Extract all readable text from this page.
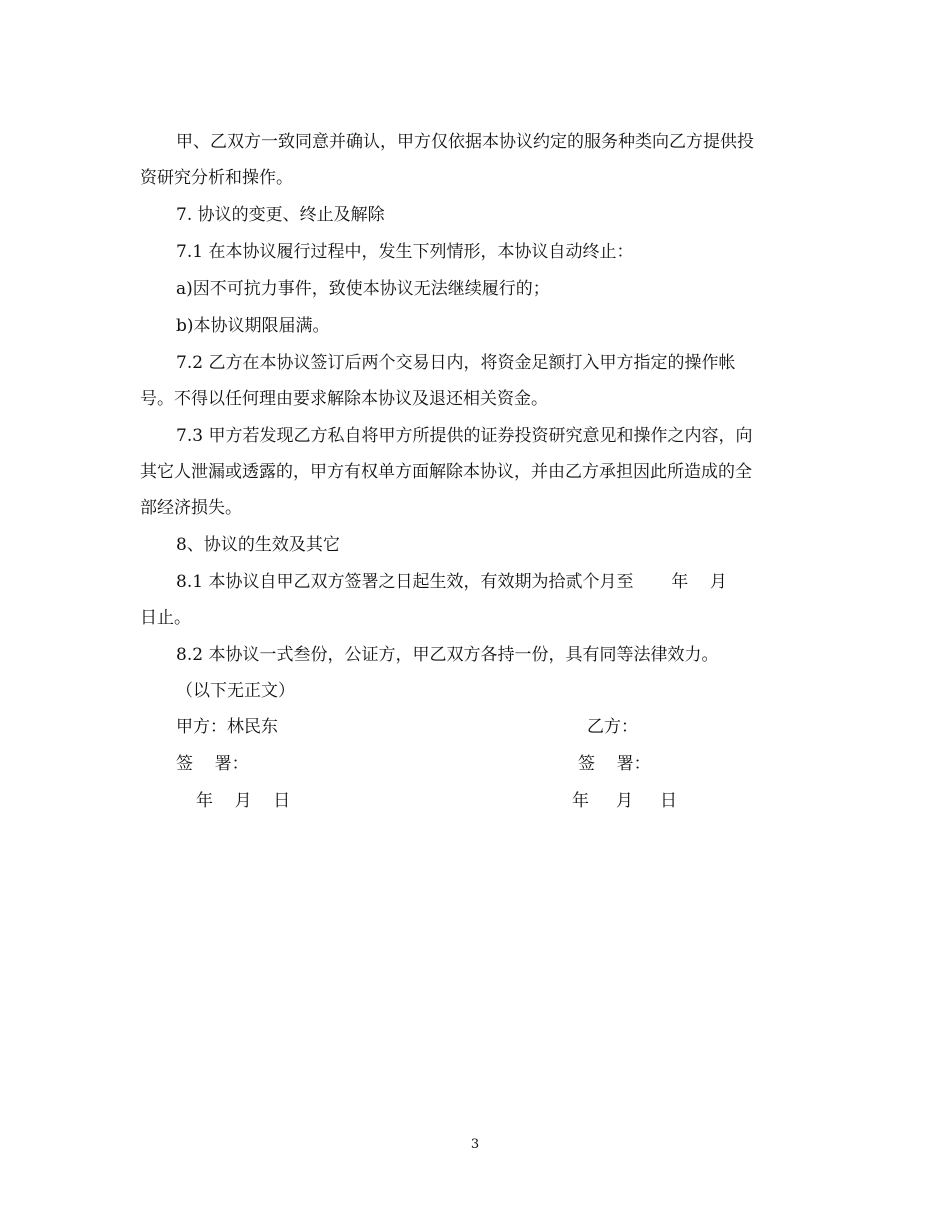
甲、乙双方一致同意并确认，甲方仅依据本协议约定的服务种类向乙方提供投
资研究分析和操作。
7. 协议的变更、终止及解除
7.1 在本协议履行过程中，发生下列情形，本协议自动终止：
a)因不可抗力事件，致使本协议无法继续履行的；
b)本协议期限届满。
7.2 乙方在本协议签订后两个交易日内，将资金足额打入甲方指定的操作帐
号。不得以任何理由要求解除本协议及退还相关资金。
7.3 甲方若发现乙方私自将甲方所提供的证券投资研究意见和操作之内容，向
其它人泄漏或透露的，甲方有权单方面解除本协议，并由乙方承担因此所造成的全
部经济损失。
8、协议的生效及其它
8.1 本协议自甲乙双方签署之日起生效，有效期为拾贰个月至       年    月
日止。
8.2 本协议一式叁份，公证方，甲乙双方各持一份，具有同等法律效力。
（以下无正文）
甲方：林民东	乙方：
签    署：	签    署：
年    月    日	年     月     日
3
